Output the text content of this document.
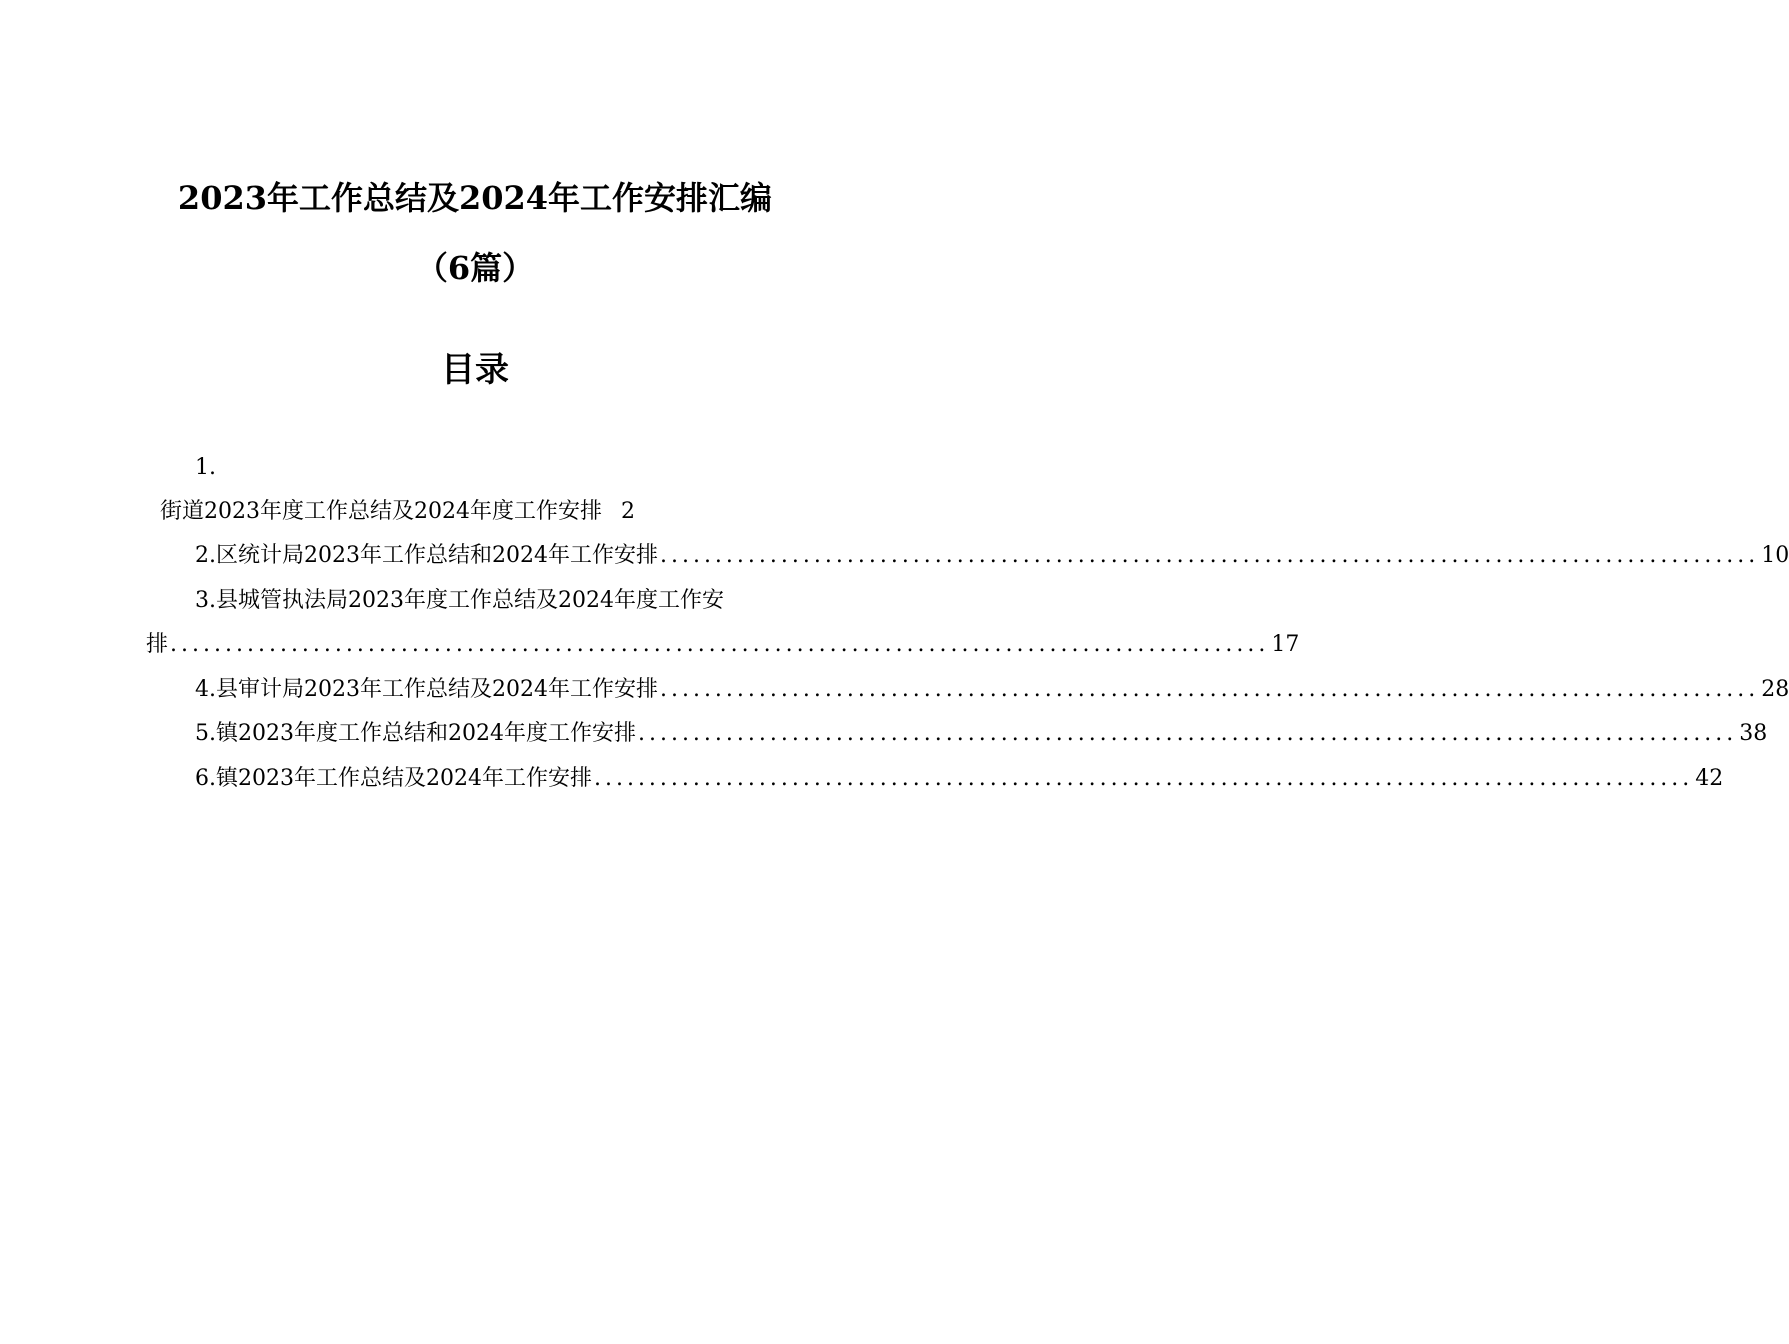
2023年工作总结及2024年工作安排汇编
（6篇）
目录
1.
街道2023年度工作总结及2024年度工作安排 2
2.区统计局2023年工作总结和2024年工作安排 .................................................................................................... 10
3.县城管执法局2023年度工作总结及2024年度工作安
排 .................................................................................................... 17
4.县审计局2023年工作总结及2024年工作安排 .................................................................................................... 28
5.镇2023年度工作总结和2024年度工作安排 .................................................................................................... 38
6.镇2023年工作总结及2024年工作安排 .................................................................................................... 42
